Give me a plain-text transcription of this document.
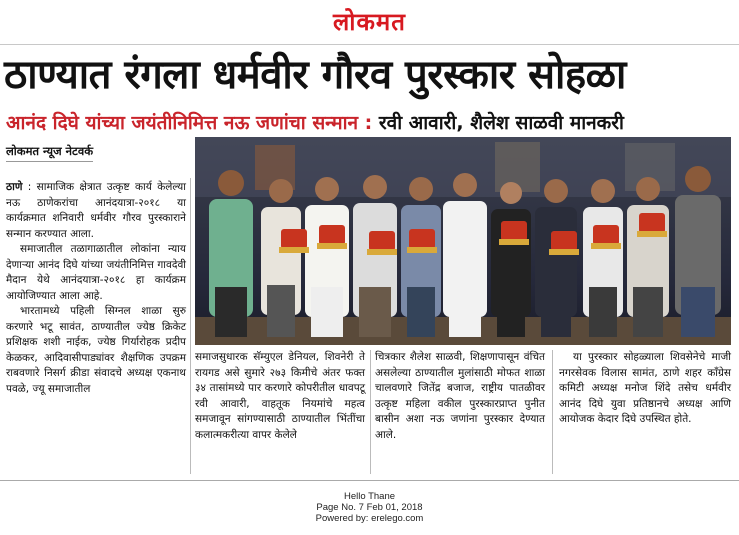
लोकमत
ठाण्यात रंगला धर्मवीर गौरव पुरस्कार सोहळा
आनंद दिघे यांच्या जयंतीनिमित्त नऊ जणांचा सन्मान : रवी आवारी, शैलेश साळवी मानकरी
लोकमत न्यूज नेटवर्क

ठाणे : सामाजिक क्षेत्रात उत्कृष्ट कार्य केलेल्या नऊ ठाणेकरांचा आनंदयात्रा-२०१८ या कार्यक्रमात शनिवारी धर्मवीर गौरव पुरस्काराने सन्मान करण्यात आला.

समाजातील तळागाळातील लोकांना न्याय देणाऱ्या आनंद दिघे यांच्या जयंतीनिमित्त गावदेवी मैदान येथे आनंदयात्रा-२०१८ हा कार्यक्रम आयोजिण्यात आला आहे.

भारतामध्ये पहिली सिग्नल शाळा सुरु करणारे भटू सावंत, ठाण्यातील ज्येष्ठ क्रिकेट प्रशिक्षक शशी नाईक, ज्येष्ठ गिर्यारोहक प्रदीप केळकर, आदिवासीपाड्यांवर शैक्षणिक उपक्रम राबवणारे निसर्ग क्रीडा संवादचे अध्यक्ष एकनाथ पवळे, ज्यू समाजातील

समाजसुधारक सॅम्युएल डेनियल, शिवनेरी ते रायगड असे सुमारे २७३ किमीचे अंतर फक्त ३४ तासांमध्ये पार करणारे कोपरीतील धावपटू रवी आवारी, वाहतूक नियमांचे महत्व समजावून सांगण्यासाठी ठाण्यातील भिंतींचा कलात्मकरीत्या वापर केलेले
चित्रकार शैलेश साळवी, शिक्षणापासून वंचित असलेल्या ठाण्यातील मुलांसाठी मोफत शाळा चालवणारे जितेंद्र बजाज, राष्ट्रीय पातळीवर उत्कृष्ट महिला वकील पुरस्कारप्राप्त पुनीत बासीन अशा नऊ जणांना पुरस्कार देण्यात आले.
या पुरस्कार सोहळ्याला शिवसेनेचे माजी नगरसेवक विलास सामंत, ठाणे शहर कॉंग्रेस कमिटी अध्यक्ष मनोज शिंदे तसेच धर्मवीर आनंद दिघे युवा प्रतिष्ठानचे अध्यक्ष आणि आयोजक केदार दिघे उपस्थित होते.
Hello Thane
Page No. 7 Feb 01, 2018
Powered by: erelego.com
